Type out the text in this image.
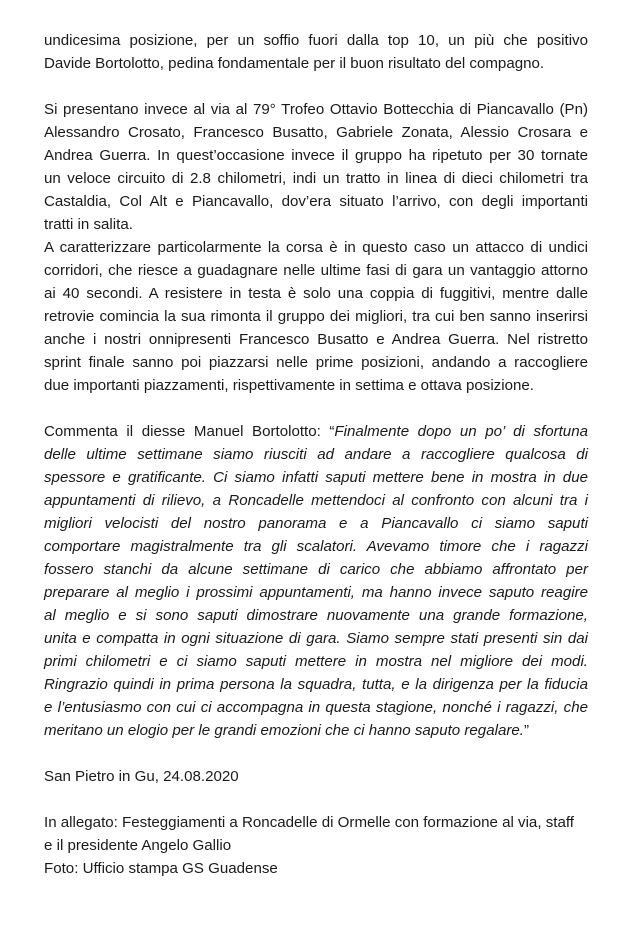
undicesima posizione, per un soffio fuori dalla top 10, un più che positivo
Davide Bortolotto, pedina fondamentale per il buon risultato del compagno.
Si presentano invece al via al 79° Trofeo Ottavio Bottecchia di Piancavallo (Pn)
Alessandro Crosato, Francesco Busatto, Gabriele Zonata, Alessio Crosara e
Andrea Guerra. In quest’occasione invece il gruppo ha ripetuto per 30 tornate
un veloce circuito di 2.8 chilometri, indi un tratto in linea di dieci chilometri tra
Castaldia, Col Alt e Piancavallo, dov’era situato l’arrivo, con degli importanti
tratti in salita.
A caratterizzare particolarmente la corsa è in questo caso un attacco di undici
corridori, che riesce a guadagnare nelle ultime fasi di gara un vantaggio attorno
ai 40 secondi. A resistere in testa è solo una coppia di fuggitivi, mentre dalle
retrovie comincia la sua rimonta il gruppo dei migliori, tra cui ben sanno inserirsi
anche i nostri onnipresenti Francesco Busatto e Andrea Guerra. Nel ristretto
sprint finale sanno poi piazzarsi nelle prime posizioni, andando a raccogliere
due importanti piazzamenti, rispettivamente in settima e ottava posizione.
Commenta il diesse Manuel Bortolotto: “Finalmente dopo un po’ di sfortuna
delle ultime settimane siamo riusciti ad andare a raccogliere qualcosa di
spessore e gratificante. Ci siamo infatti saputi mettere bene in mostra in due
appuntamenti di rilievo, a Roncadelle mettendoci al confronto con alcuni tra i
migliori velocisti del nostro panorama e a Piancavallo ci siamo saputi
comportare magistralmente tra gli scalatori. Avevamo timore che i ragazzi
fossero stanchi da alcune settimane di carico che abbiamo affrontato per
preparare al meglio i prossimi appuntamenti, ma hanno invece saputo reagire
al meglio e si sono saputi dimostrare nuovamente una grande formazione,
unita e compatta in ogni situazione di gara. Siamo sempre stati presenti sin dai
primi chilometri e ci siamo saputi mettere in mostra nel migliore dei modi.
Ringrazio quindi in prima persona la squadra, tutta, e la dirigenza per la fiducia
e l’entusiasmo con cui ci accompagna in questa stagione, nonché i ragazzi, che
meritano un elogio per le grandi emozioni che ci hanno saputo regalare.”
San Pietro in Gu, 24.08.2020
In allegato: Festeggiamenti a Roncadelle di Ormelle con formazione al via, staff
e il presidente Angelo Gallio
Foto: Ufficio stampa GS Guadense
